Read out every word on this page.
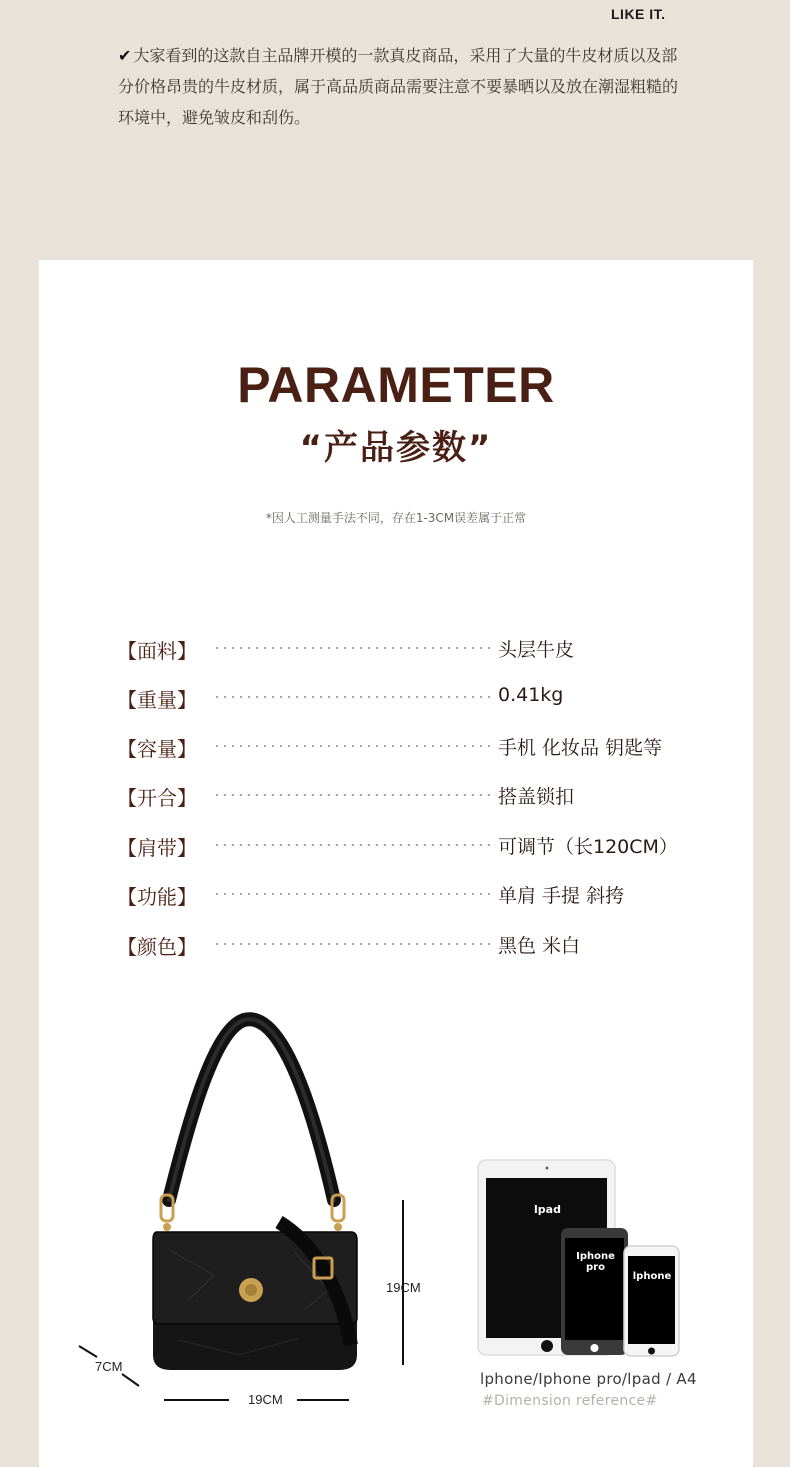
LIKE IT.
✔ 大家看到的这款自主品牌开模的一款真皮商品，采用了大量的牛皮材质以及部分价格昂贵的牛皮材质，属于高品质商品需要注意不要暴晒以及放在潮湿粗糙的环境中，避免皱皮和刮伤。
PARAMETER
“产品参数”
*因人工测量手法不同，存在1-3CM误差属于正常
【面料】	头层牛皮
【重量】	0.41kg
【容量】	手机 化妆品 钥匙等
【开合】	搭盖锁扣
【肩带】	可调节（长120CM）
【功能】	单肩 手提 斜挎
【颜色】	黑色 米白
19CM
19CM
7CM
lpad
Iphone pro
lphone
lphone/Iphone pro/lpad / A4
#Dimension reference#
